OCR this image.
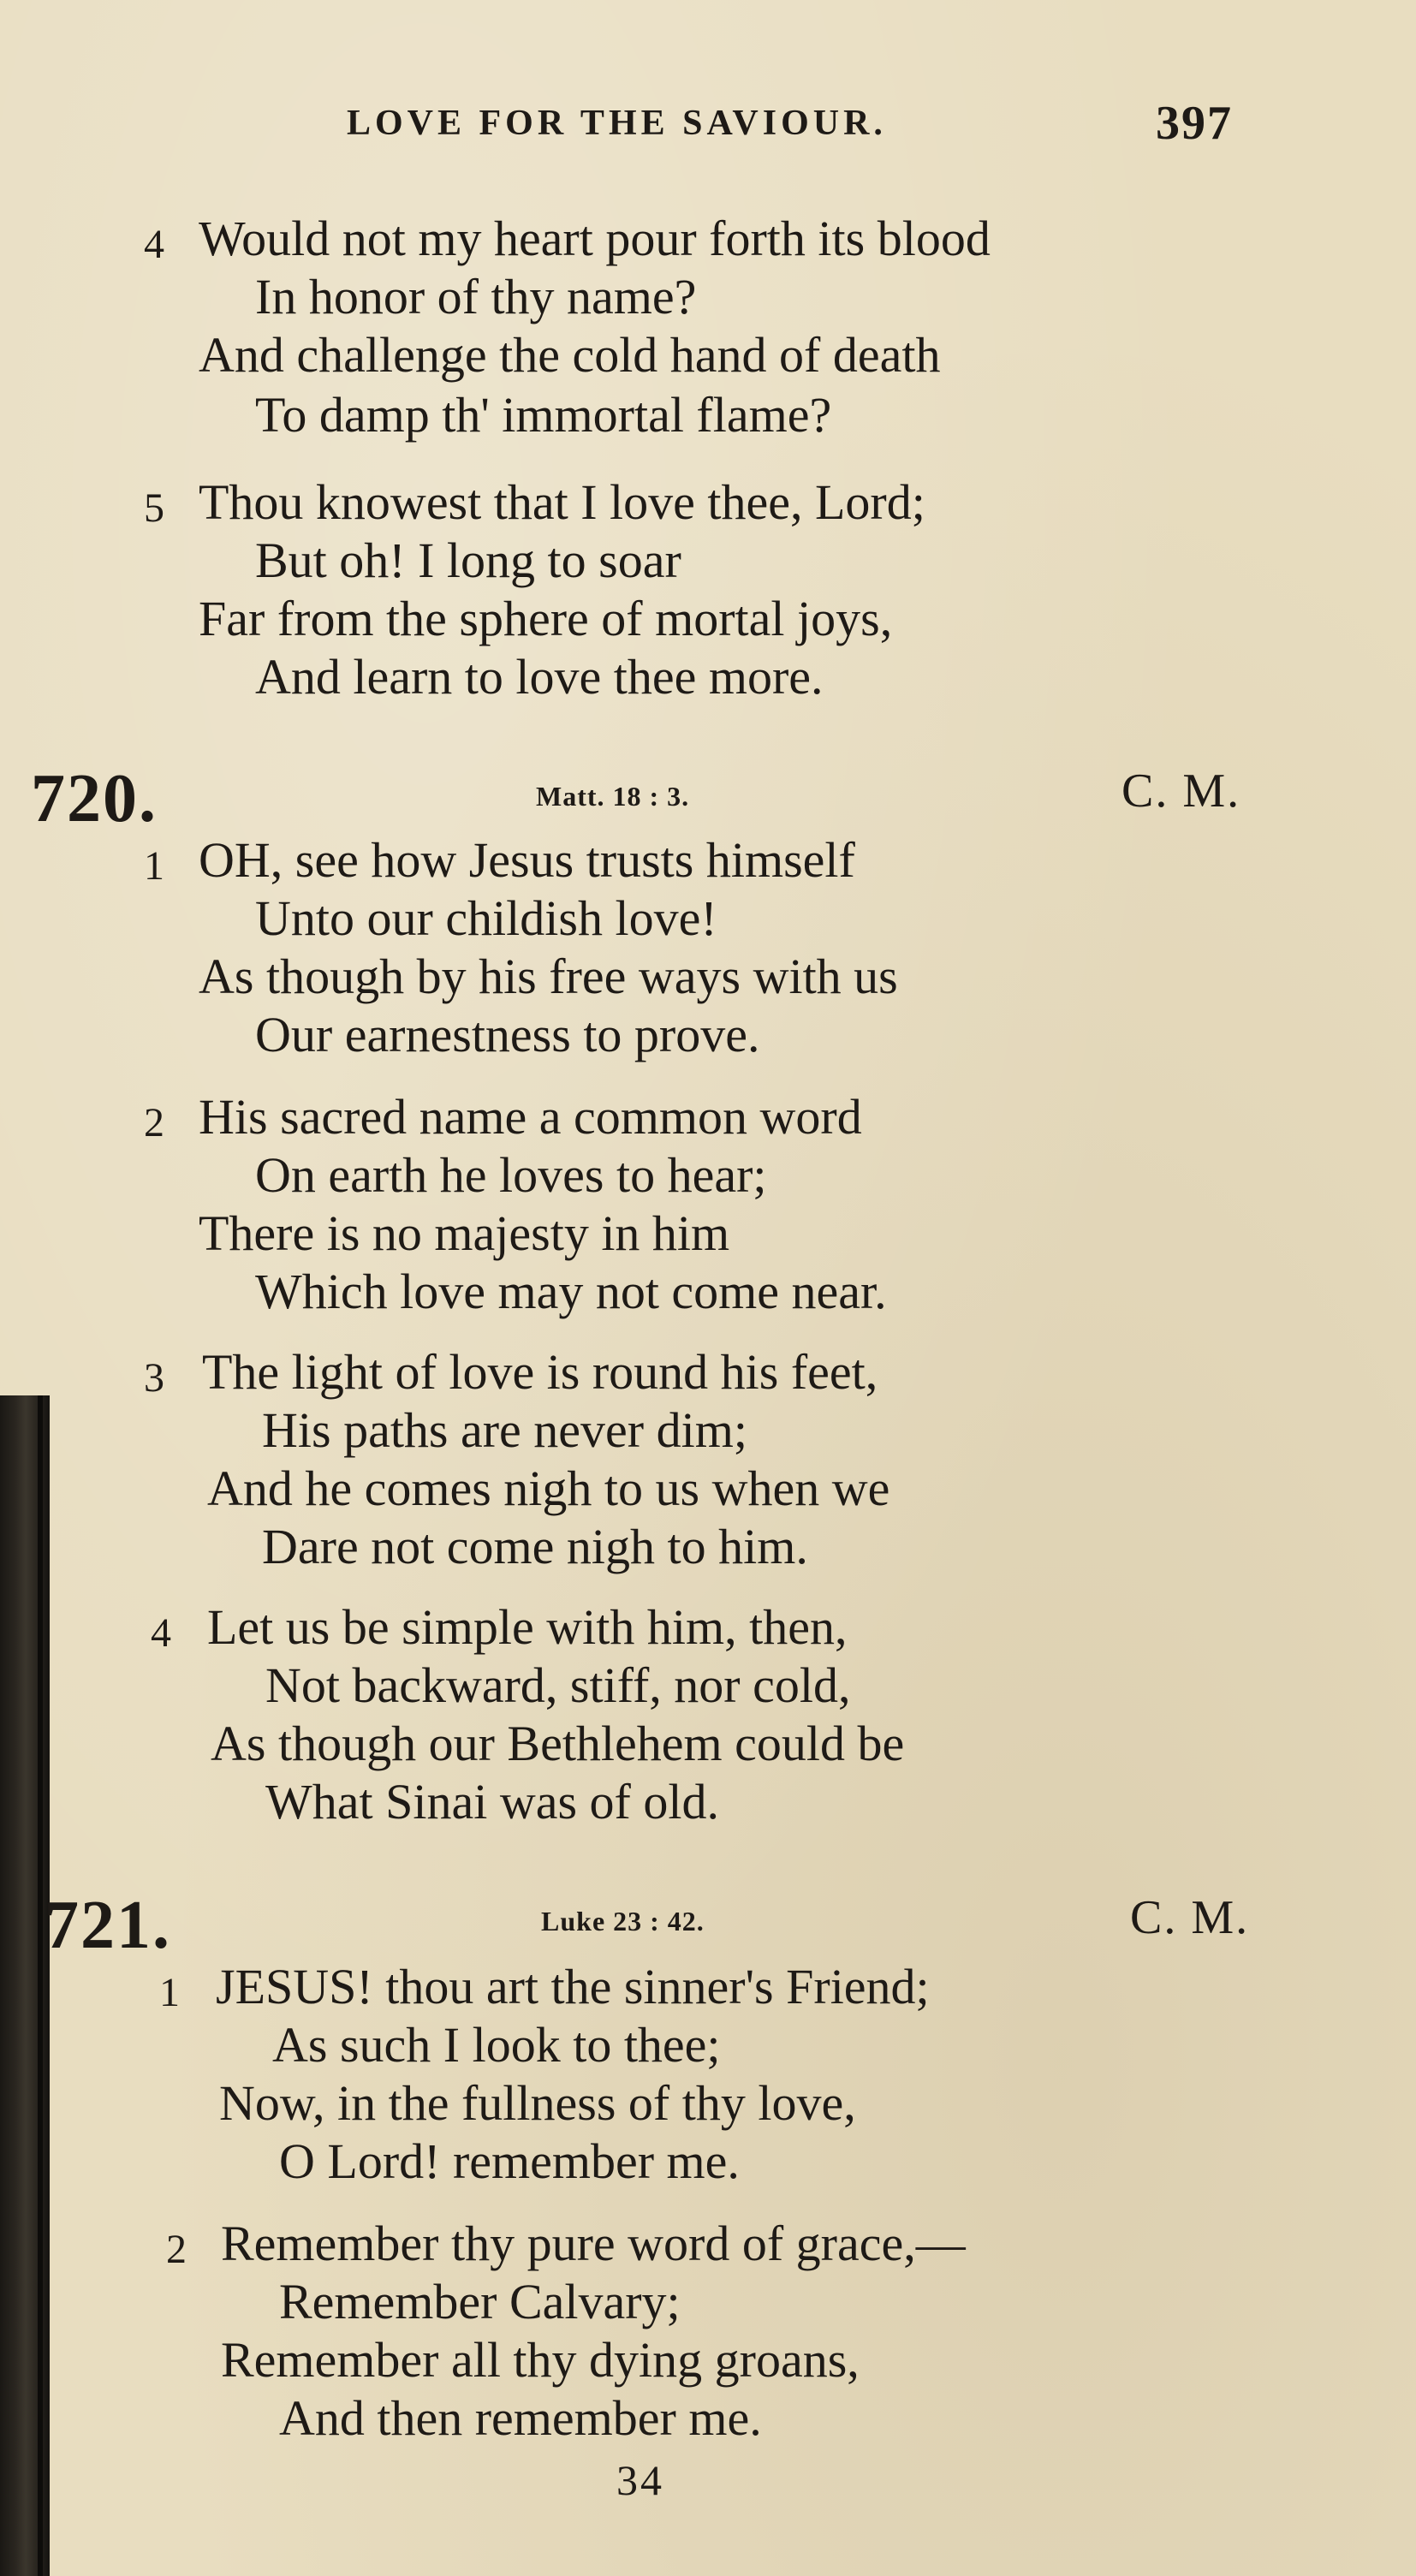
LOVE FOR THE SAVIOUR.	397
4 Would not my heart pour forth its blood
In honor of thy name?
And challenge the cold hand of death
To damp th' immortal flame?
5 Thou knowest that I love thee, Lord;
But oh! I long to soar
Far from the sphere of mortal joys,
And learn to love thee more.
720.	Matt. 18 : 3.	C. M.
1 OH, see how Jesus trusts himself
Unto our childish love!
As though by his free ways with us
Our earnestness to prove.
2 His sacred name a common word
On earth he loves to hear;
There is no majesty in him
Which love may not come near.
3 The light of love is round his feet,
His paths are never dim;
And he comes nigh to us when we
Dare not come nigh to him.
4 Let us be simple with him, then,
Not backward, stiff, nor cold,
As though our Bethlehem could be
What Sinai was of old.
721.	Luke 23 : 42.	C. M.
1 JESUS! thou art the sinner's Friend;
As such I look to thee;
Now, in the fullness of thy love,
O Lord! remember me.
2 Remember thy pure word of grace,—
Remember Calvary;
Remember all thy dying groans,
And then remember me.
34
